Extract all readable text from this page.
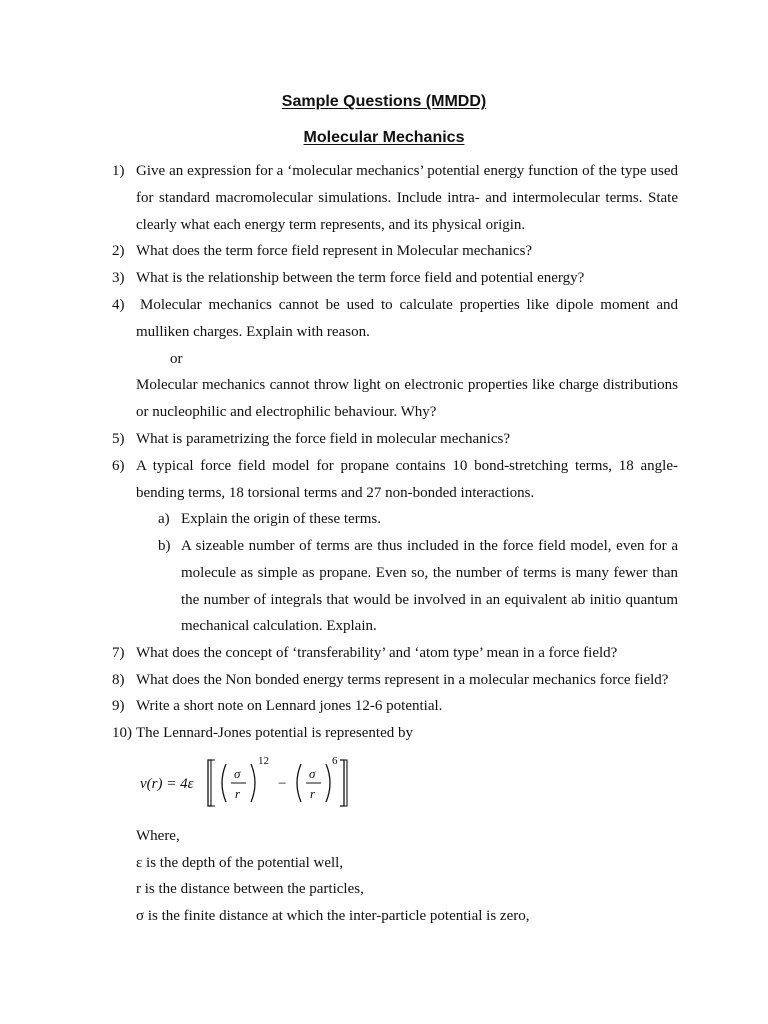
Sample Questions (MMDD)
Molecular Mechanics
1) Give an expression for a ‘molecular mechanics’ potential energy function of the type used
for standard macromolecular simulations. Include intra- and intermolecular terms. State
clearly what each energy term represents, and its physical origin.
2) What does the term force field represent in Molecular mechanics?
3) What is the relationship between the term force field and potential energy?
4) Molecular mechanics cannot be used to calculate properties like dipole moment and
mulliken charges. Explain with reason.
or
Molecular mechanics cannot throw light on electronic properties like charge distributions
or nucleophilic and electrophilic behaviour. Why?
5) What is parametrizing the force field in molecular mechanics?
6) A typical force field model for propane contains 10 bond-stretching terms, 18 angle-
bending terms, 18 torsional terms and 27 non-bonded interactions.
a) Explain the origin of these terms.
b) A sizeable number of terms are thus included in the force field model, even for a
molecule as simple as propane. Even so, the number of terms is many fewer than
the number of integrals that would be involved in an equivalent ab initio quantum
mechanical calculation. Explain.
7) What does the concept of ‘transferability’ and ‘atom type’ mean in a force field?
8) What does the Non bonded energy terms represent in a molecular mechanics force field?
9) Write a short note on Lennard jones 12-6 potential.
10) The Lennard-Jones potential is represented by
v(r) = 4ε
σ
r
12
−
σ
r
6
Where,
ε is the depth of the potential well,
r is the distance between the particles,
σ is the finite distance at which the inter-particle potential is zero,
